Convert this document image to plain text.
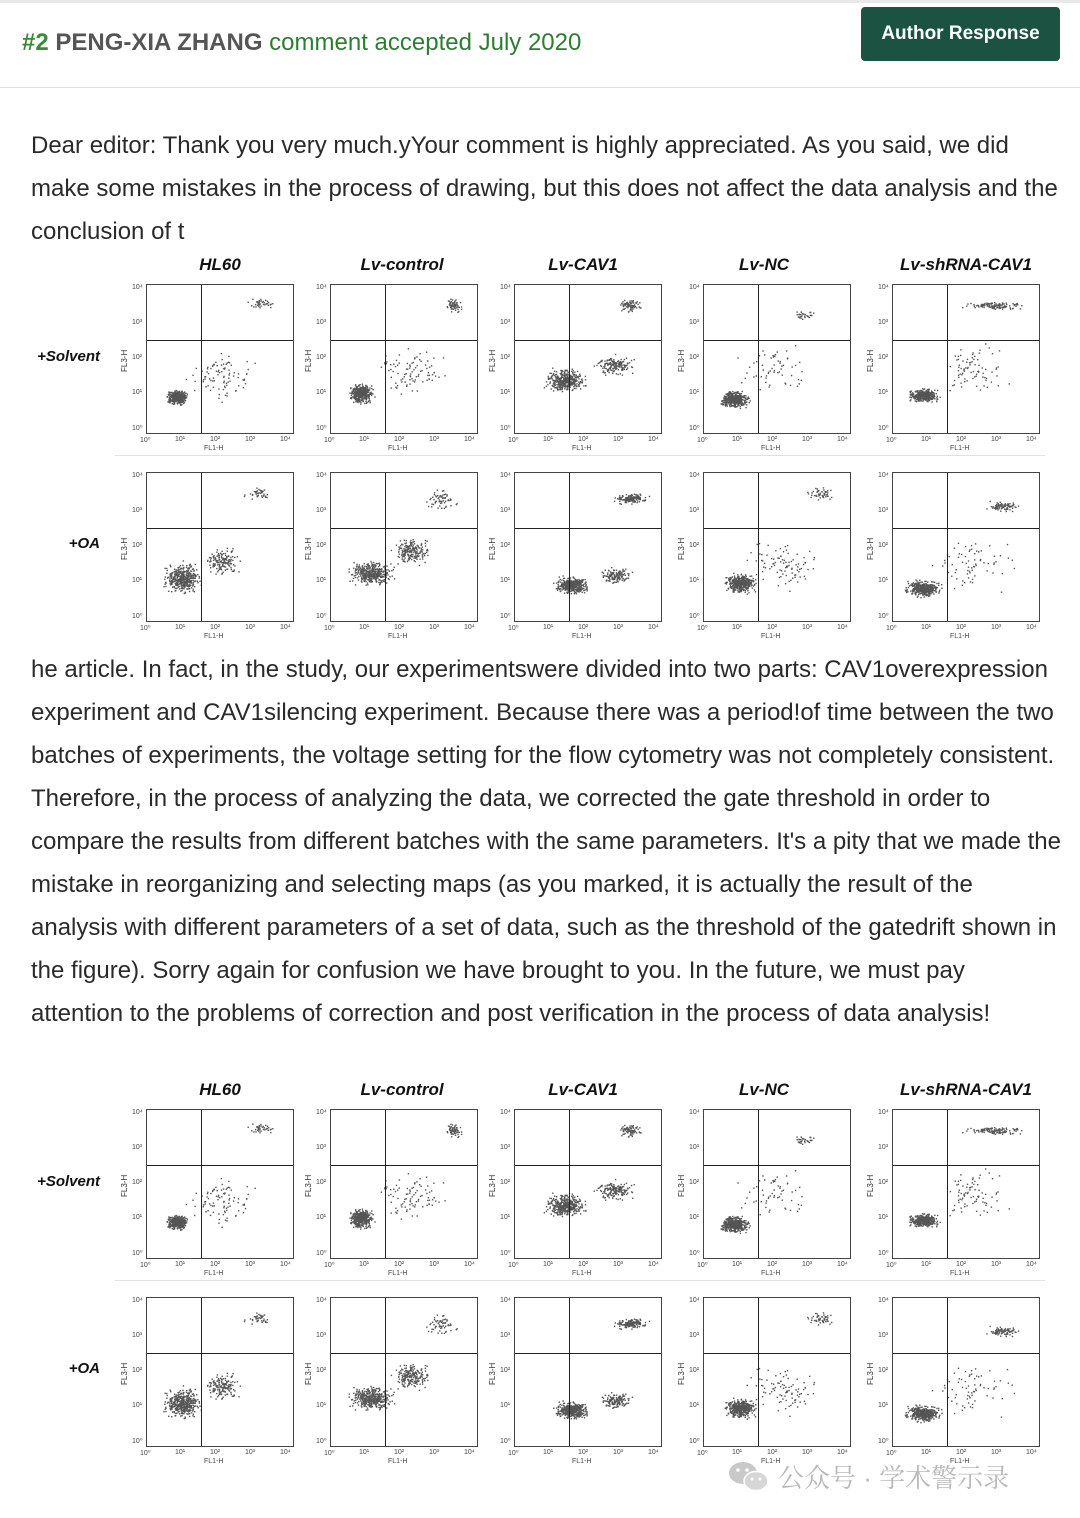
#2 PENG-XIA ZHANG comment accepted July 2020	Author Response

Dear editor: Thank you very much.yYour comment is highly appreciated. As you said, we did make some mistakes in the process of drawing, but this does not affect the data analysis and the conclusion of t

HL60	Lv-control	Lv-CAV1	Lv-NC	Lv-shRNA-CAV1
+Solvent
+OA
FL3-H
10⁰
10⁰
10¹
10¹
10²
10²
10³
10³
10⁴
10⁴
FL1-H
FL3-H
10⁰
10⁰
10¹
10¹
10²
10²
10³
10³
10⁴
10⁴
FL1-H
FL3-H
10⁰
10⁰
10¹
10¹
10²
10²
10³
10³
10⁴
10⁴
FL1-H
FL3-H
10⁰
10⁰
10¹
10¹
10²
10²
10³
10³
10⁴
10⁴
FL1-H
FL3-H
10⁰
10⁰
10¹
10¹
10²
10²
10³
10³
10⁴
10⁴
FL1-H
FL3-H
10⁰
10⁰
10¹
10¹
10²
10²
10³
10³
10⁴
10⁴
FL1-H
FL3-H
10⁰
10⁰
10¹
10¹
10²
10²
10³
10³
10⁴
10⁴
FL1-H
FL3-H
10⁰
10⁰
10¹
10¹
10²
10²
10³
10³
10⁴
10⁴
FL1-H
FL3-H
10⁰
10⁰
10¹
10¹
10²
10²
10³
10³
10⁴
10⁴
FL1-H
FL3-H
10⁰
10⁰
10¹
10¹
10²
10²
10³
10³
10⁴
10⁴
FL1-H

he article. In fact, in the study, our experimentswere divided into two parts: CAV1overexpression experiment and CAV1silencing experiment. Because there was a period!of time between the two batches of experiments, the voltage setting for the flow cytometry was not completely consistent. Therefore, in the process of analyzing the data, we corrected the gate threshold in order to compare the results from different batches with the same parameters. It's a pity that we made the mistake in reorganizing and selecting maps (as you marked, it is actually the result of the analysis with different parameters of a set of data, such as the threshold of the gatedrift shown in the figure). Sorry again for confusion we have brought to you. In the future, we must pay attention to the problems of correction and post verification in the process of data analysis!

HL60	Lv-control	Lv-CAV1	Lv-NC	Lv-shRNA-CAV1
+Solvent
+OA
FL3-H
10⁰
10⁰
10¹
10¹
10²
10²
10³
10³
10⁴
10⁴
FL1-H
FL3-H
10⁰
10⁰
10¹
10¹
10²
10²
10³
10³
10⁴
10⁴
FL1-H
FL3-H
10⁰
10⁰
10¹
10¹
10²
10²
10³
10³
10⁴
10⁴
FL1-H
FL3-H
10⁰
10⁰
10¹
10¹
10²
10²
10³
10³
10⁴
10⁴
FL1-H
FL3-H
10⁰
10⁰
10¹
10¹
10²
10²
10³
10³
10⁴
10⁴
FL1-H
FL3-H
10⁰
10⁰
10¹
10¹
10²
10²
10³
10³
10⁴
10⁴
FL1-H
FL3-H
10⁰
10⁰
10¹
10¹
10²
10²
10³
10³
10⁴
10⁴
FL1-H
FL3-H
10⁰
10⁰
10¹
10¹
10²
10²
10³
10³
10⁴
10⁴
FL1-H
FL3-H
10⁰
10⁰
10¹
10¹
10²
10²
10³
10³
10⁴
10⁴
FL1-H
FL3-H
10⁰
10⁰
10¹
10¹
10²
10²
10³
10³
10⁴
10⁴
FL1-H
公众号 · 学术警示录
